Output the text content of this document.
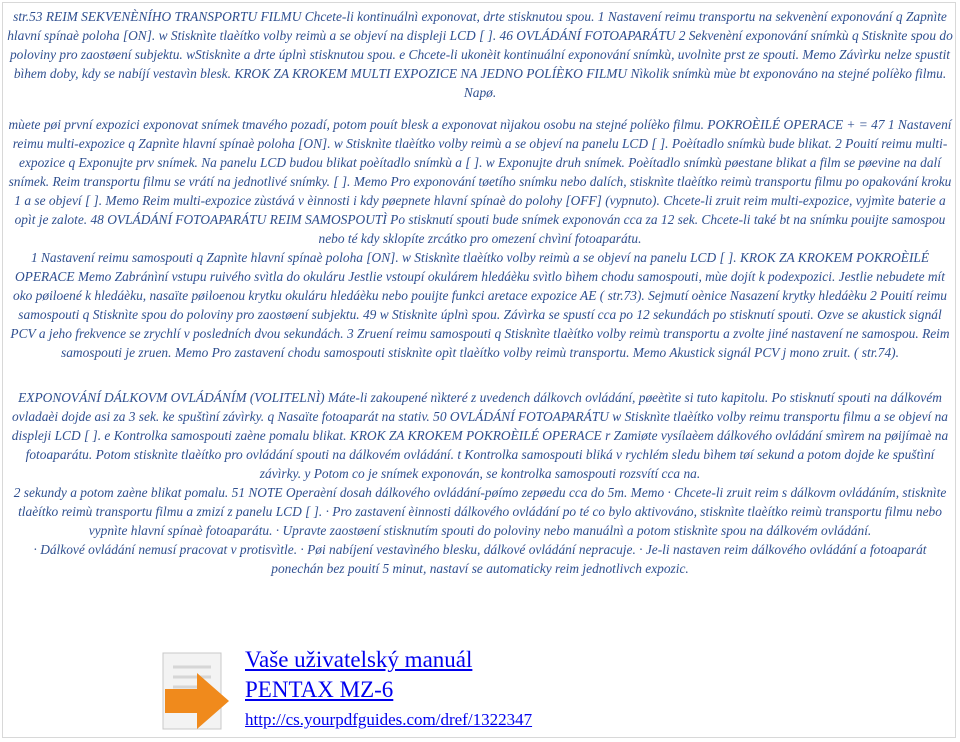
str.53 REIM SEKVENÈNÍHO TRANSPORTU FILMU Chcete-li kontinuálnì exponovat, drte stisknutou spou. 1 Nastavení reimu transportu na sekvenèní exponování q Zapnìte hlavní spínaè poloha [ON]. w Stisknìte tlaèítko volby reimù a se objeví na displeji LCD [ ]. 46 OVLÁDÁNÍ FOTOAPARÁTU 2 Sekvenèní exponování snímkù q Stisknìte spou do poloviny pro zaostøení subjektu. wStisknìte a drte úplnì stisknutou spou. e Chcete-li ukonèit kontinuální exponování snímkù, uvolnìte prst ze spouti. Memo Závìrku nelze spustit bìhem doby, kdy se nabíjí vestavìn blesk. KROK ZA KROKEM MULTI EXPOZICE NA JEDNO POLÍÈKO FILMU Nìkolik snímkù mùe bt exponováno na stejné políèko filmu. Napø.

mùete pøi první expozici exponovat snímek tmavého pozadí, potom pouít blesk a exponovat nìjakou osobu na stejné políèko filmu. POKROÈILÉ OPERACE + = 47 1 Nastavení reimu multi-expozice q Zapnìte hlavní spínaè poloha [ON]. w Stisknìte tlaèítko volby reimù a se objeví na panelu LCD [ ]. Poèítadlo snímkù bude blikat. 2 Pouití reimu multi-expozice q Exponujte prv snímek. Na panelu LCD budou blikat poèítadlo snímkù a [ ]. w Exponujte druh snímek. Poèítadlo snímkù pøestane blikat a film se pøevine na dalí snímek. Reim transportu filmu se vrátí na jednotlivé snímky. [ ]. Memo Pro exponování tøetího snímku nebo dalích, stisknìte tlaèítko reimù transportu filmu po opakování kroku 1 a se objeví [ ]. Memo Reim multi-expozice zùstává v èinnosti i kdy pøepnete hlavní spínaè do polohy [OFF] (vypnuto). Chcete-li zruit reim multi-expozice, vyjmìte baterie a opìt je zalote. 48 OVLÁDÁNÍ FOTOAPARÁTU REIM SAMOSPOUTÌ Po stisknutí spouti bude snímek exponován cca za 12 sek. Chcete-li také bt na snímku pouijte samospou nebo té kdy sklopíte zrcátko pro omezení chvìní fotoaparátu.

1 Nastavení reimu samospouti q Zapnìte hlavní spínaè poloha [ON]. w Stisknìte tlaèítko volby reimù a se objeví na panelu LCD [ ]. KROK ZA KROKEM POKROÈILÉ OPERACE Memo Zabránìní vstupu ruivého svìtla do okuláru Jestlie vstoupí okulárem hledáèku svìtlo bìhem chodu samospouti, mùe dojít k podexpozici. Jestlie nebudete mít oko pøiloené k hledáèku, nasaïte pøiloenou krytku okuláru hledáèku nebo pouijte funkci aretace expozice AE ( str.73). Sejmutí oènice Nasazení krytky hledáèku 2 Pouití reimu samospouti q Stisknìte spou do poloviny pro zaostøení subjektu. 49 w Stisknìte úplnì spou. Závìrka se spustí cca po 12 sekundách po stisknutí spouti. Ozve se akustick signál PCV a jeho frekvence se zrychlí v posledních dvou sekundách. 3 Zruení reimu samospouti q Stisknìte tlaèítko volby reimù transportu a zvolte jiné nastavení ne samospou. Reim samospouti je zruen. Memo Pro zastavení chodu samospouti stisknìte opìt tlaèítko volby reimù transportu. Memo Akustick signál PCV j mono zruit. ( str.74).

EXPONOVÁNÍ DÁLKOVM OVLÁDÁNÍM (VOLITELNÌ) Máte-li zakoupené nìkteré z uvedench dálkovch ovládání, pøeètìte si tuto kapitolu. Po stisknutí spouti na dálkovém ovladaèi dojde asi za 3 sek. ke spuštìní závìrky. q Nasaïte fotoaparát na stativ. 50 OVLÁDÁNÍ FOTOAPARÁTU w Stisknìte tlaèítko volby reimu transportu filmu a se objeví na displeji LCD [ ]. e Kontrolka samospouti zaène pomalu blikat. KROK ZA KROKEM POKROÈILÉ OPERACE r Zamiøte vysílaèem dálkového ovládání smìrem na pøijímaè na fotoaparátu. Potom stisknìte tlaèítko pro ovládání spouti na dálkovém ovládání. t Kontrolka samospouti bliká v rychlém sledu bìhem tøí sekund a potom dojde ke spuštìní závìrky. y Potom co je snímek exponován, se kontrolka samospouti rozsvítí cca na.

2 sekundy a potom zaène blikat pomalu. 51 NOTE Operaèní dosah dálkového ovládání-pøímo zepøedu cca do 5m. Memo · Chcete-li zruit reim s dálkovm ovládáním, stisknìte tlaèítko reimù transportu filmu a zmizí z panelu LCD [ ]. · Pro zastavení èinnosti dálkového ovládání po té co bylo aktivováno, stisknìte tlaèítko reimù transportu filmu nebo vypnìte hlavní spínaè fotoaparátu. · Upravte zaostøení stisknutím spouti do poloviny nebo manuálnì a potom stisknìte spou na dálkovém ovládání.

· Dálkové ovládání nemusí pracovat v protisvìtle. · Pøi nabíjení vestavìného blesku, dálkové ovládání nepracuje. · Je-li nastaven reim dálkového ovládání a fotoaparát ponechán bez pouití 5 minut, nastaví se automaticky reim jednotlivch expozic.

Vaše uživatelský manuál
PENTAX MZ-6
http://cs.yourpdfguides.com/dref/1322347
